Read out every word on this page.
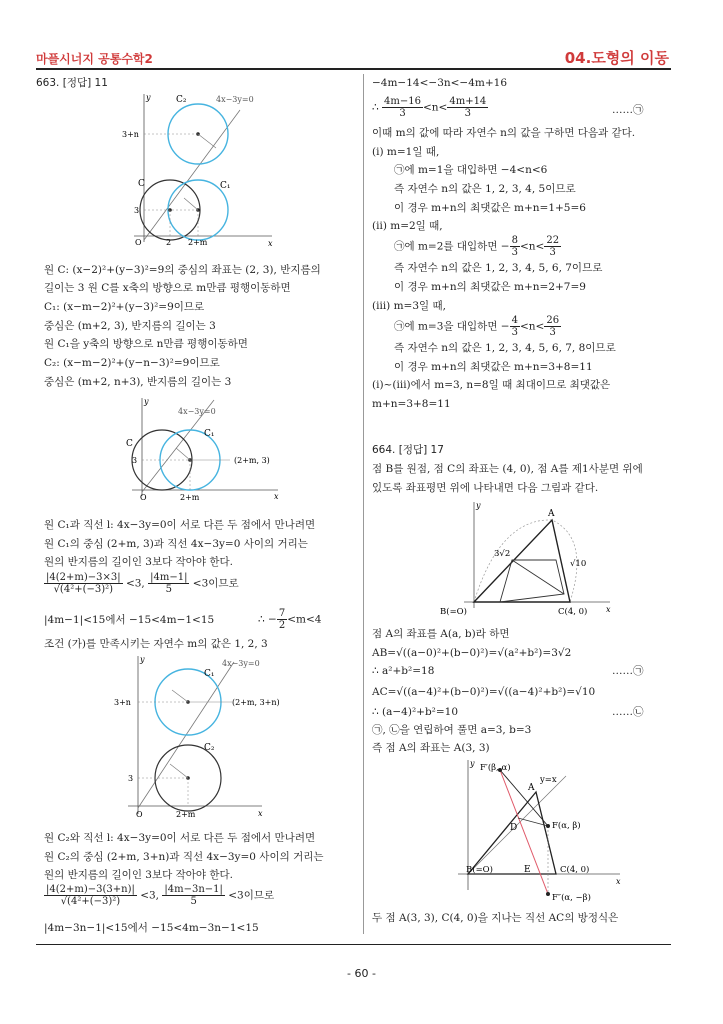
마플시너지 공통수학2	04.도형의 이동
- 60 -
663. [정답] 11
y
x
C₂	4x−3y=0
C	C₁
3+n
3
O	2 2+m
원 C: (x−2)²+(y−3)²=9의 중심의 좌표는 (2, 3), 반지름의
길이는 3 원 C를 x축의 방향으로 m만큼 평행이동하면
C₁: (x−m−2)²+(y−3)²=9이므로
중심은 (m+2, 3), 반지름의 길이는 3
원 C₁을 y축의 방향으로 n만큼 평행이동하면
C₂: (x−m−2)²+(y−n−3)²=9이므로
중심은 (m+2, n+3), 반지름의 길이는 3
y
x
4x−3y=0
C
C₁
3	(2+m, 3)
O	2+m
원 C₁과 직선 l: 4x−3y=0이 서로 다른 두 점에서 만나려면
원 C₁의 중심 (2+m, 3)과 직선 4x−3y=0 사이의 거리는
원의 반지름의 길이인 3보다 작아야 한다.
$\frac{|4(2+m)-3\times 3|}{\text{√(4²+(−3)²)}} <3$, $\frac{|4m-1|}{5} <3$이므로
|4m−1|<15에서 −15<4m−1<15	∴ − $\frac{7}{2} <m<4$
조건 (가)를 만족시키는 자연수 m의 값은 1, 2, 3
y
x
4x−3y=0
C₁
C₂
3+n
3
(2+m, 3+n)
O	2+m
원 C₂와 직선 l: 4x−3y=0이 서로 다른 두 점에서 만나려면
원 C₂의 중심 (2+m, 3+n)과 직선 4x−3y=0 사이의 거리는
원의 반지름의 길이인 3보다 작아야 한다.
$\frac{|4(2+m)-3(3+n)|}{\text{√(4²+(−3)²)}} <3$, $\frac{|4m-3n-1|}{5} <3$이므로
|4m−3n−1|<15에서 −15<4m−3n−1<15
−4m−14<−3n<−4m+16
∴ $\frac{4m-16}{3} <n< \frac{4m+14}{3}$	……㉠
이때 m의 값에 따라 자연수 n의 값을 구하면 다음과 같다.
(ⅰ) m=1일 때,
㉠에 m=1을 대입하면 −4<n<6
즉 자연수 n의 값은 1, 2, 3, 4, 5이므로
이 경우 m+n의 최댓값은 m+n=1+5=6
(ⅱ) m=2일 때,
㉠에 m=2를 대입하면 − $\frac{8}{3} <n< \frac{22}{3}$
즉 자연수 n의 값은 1, 2, 3, 4, 5, 6, 7이므로
이 경우 m+n의 최댓값은 m+n=2+7=9
(ⅲ) m=3일 때,
㉠에 m=3을 대입하면 − $\frac{4}{3} <n< \frac{26}{3}$
즉 자연수 n의 값은 1, 2, 3, 4, 5, 6, 7, 8이므로
이 경우 m+n의 최댓값은 m+n=3+8=11
(ⅰ)~(ⅲ)에서 m=3, n=8일 때 최대이므로 최댓값은
m+n=3+8=11
664. [정답] 17
점 B를 원점, 점 C의 좌표는 (4, 0), 점 A를 제1사분면 위에
있도록 좌표평면 위에 나타내면 다음 그림과 같다.
y
x
A
B(=O)	C(4, 0)
3√2
√10
점 A의 좌표를 A(a, b)라 하면
AB=√((a−0)²+(b−0)²)=√(a²+b²)=3√2
∴ a²+b²=18	……㉠
AC=√((a−4)²+(b−0)²)=√((a−4)²+b²)=√10
∴ (a−4)²+b²=10	……㉡
㉠, ㉡을 연립하여 풀면 a=3, b=3
즉 점 A의 좌표는 A(3, 3)
y
x
F′(β, α)
y=x
A
D	F(α, β)
B(=O)	E	C(4, 0)
F″(α, −β)
두 점 A(3, 3), C(4, 0)을 지나는 직선 AC의 방정식은
